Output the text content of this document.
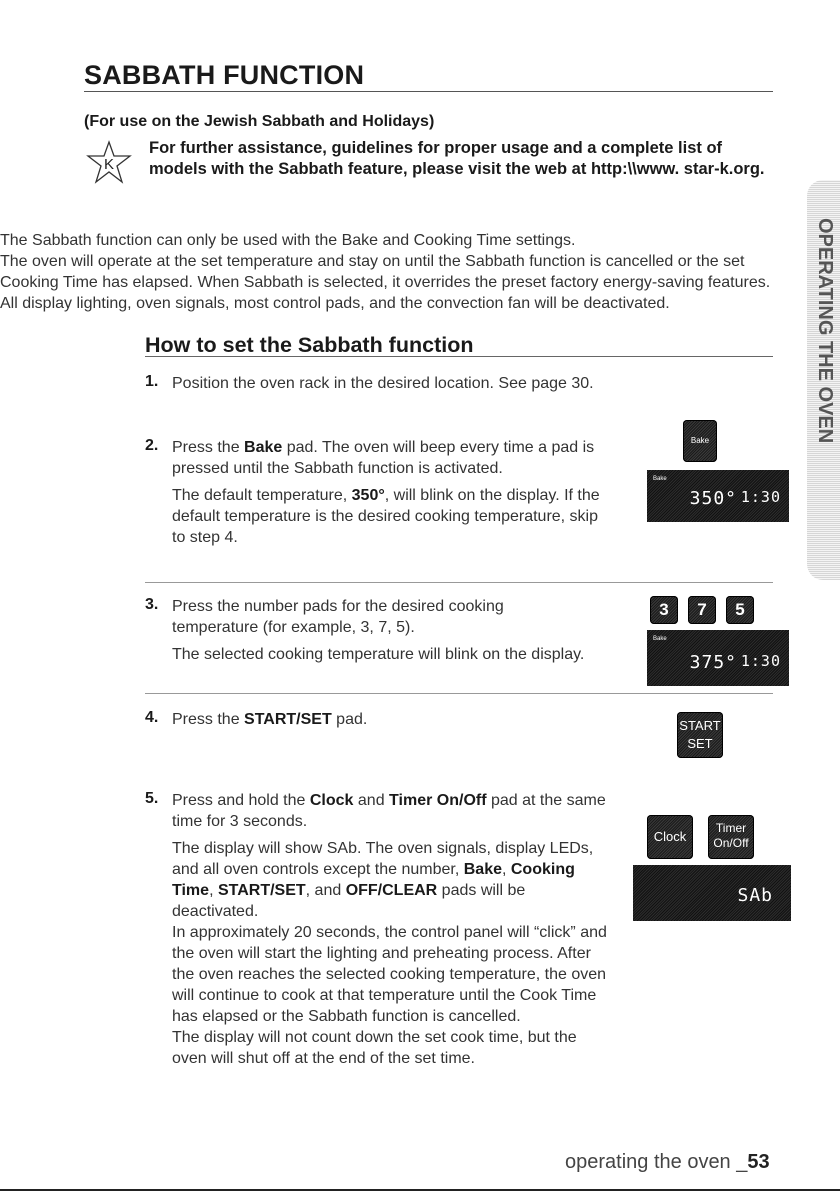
SABBATH FUNCTION
(For use on the Jewish Sabbath and Holidays)
K
For further assistance, guidelines for proper usage and a complete list of models with the Sabbath feature, please visit the web at http:\\www. star-k.org.

The Sabbath function can only be used with the Bake and Cooking Time settings.

The oven will operate at the set temperature and stay on until the Sabbath function is cancelled or the set Cooking Time has elapsed. When Sabbath is selected, it overrides the preset factory energy-saving features. All display lighting, oven signals, most control pads, and the convection fan will be deactivated.

How to set the Sabbath function
1. Position the oven rack in the desired location. See page 30.
2. Press the Bake pad. The oven will beep every time a pad is pressed until the Sabbath function is activated.

The default temperature, 350°, will blink on the display. If the default temperature is the desired cooking temperature, skip to step 4.

3. Press the number pads for the desired cooking temperature (for example, 3, 7, 5).

The selected cooking temperature will blink on the display.

4. Press the START/SET pad.
5. Press and hold the Clock and Timer On/Off pad at the same time for 3 seconds.

The display will show SAb. The oven signals, display LEDs, and all oven controls except the number, Bake, Cooking Time, START/SET, and OFF/CLEAR pads will be deactivated.
In approximately 20 seconds, the control panel will “click” and the oven will start the lighting and preheating process. After the oven reaches the selected cooking temperature, the oven will continue to cook at that temperature until the Cook Time has elapsed or the Sabbath function is cancelled.
The display will not count down the set cook time, but the oven will shut off at the end of the set time.

Bake
Bake
350° 1:30
3	7	5
Bake
375° 1:30
START
SET
Clock
Timer
On/Off
SAb
OPERATING THE OVEN
operating the oven _53
